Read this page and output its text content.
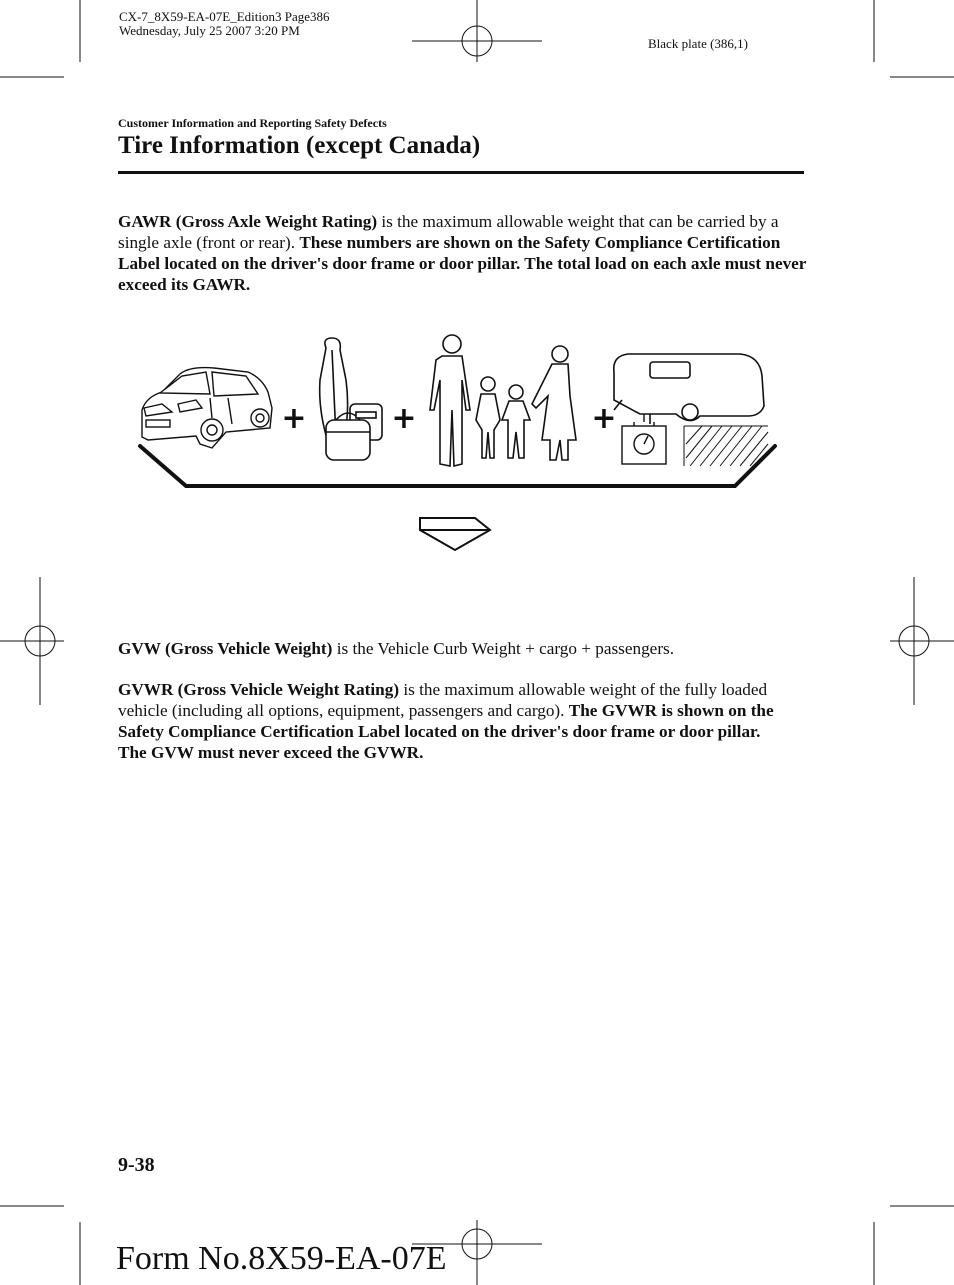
CX-7_8X59-EA-07E_Edition3 Page386
Wednesday, July 25 2007 3:20 PM
Black plate (386,1)
Customer Information and Reporting Safety Defects
Tire Information (except Canada)
GAWR (Gross Axle Weight Rating) is the maximum allowable weight that can be carried by a single axle (front or rear). These numbers are shown on the Safety Compliance Certification Label located on the driver's door frame or door pillar. The total load on each axle must never exceed its GAWR.
+	+	+
GVW (Gross Vehicle Weight) is the Vehicle Curb Weight + cargo + passengers.
GVWR (Gross Vehicle Weight Rating) is the maximum allowable weight of the fully loaded vehicle (including all options, equipment, passengers and cargo). The GVWR is shown on the Safety Compliance Certification Label located on the driver's door frame or door pillar. The GVW must never exceed the GVWR.
9-38
Form No.8X59-EA-07E
